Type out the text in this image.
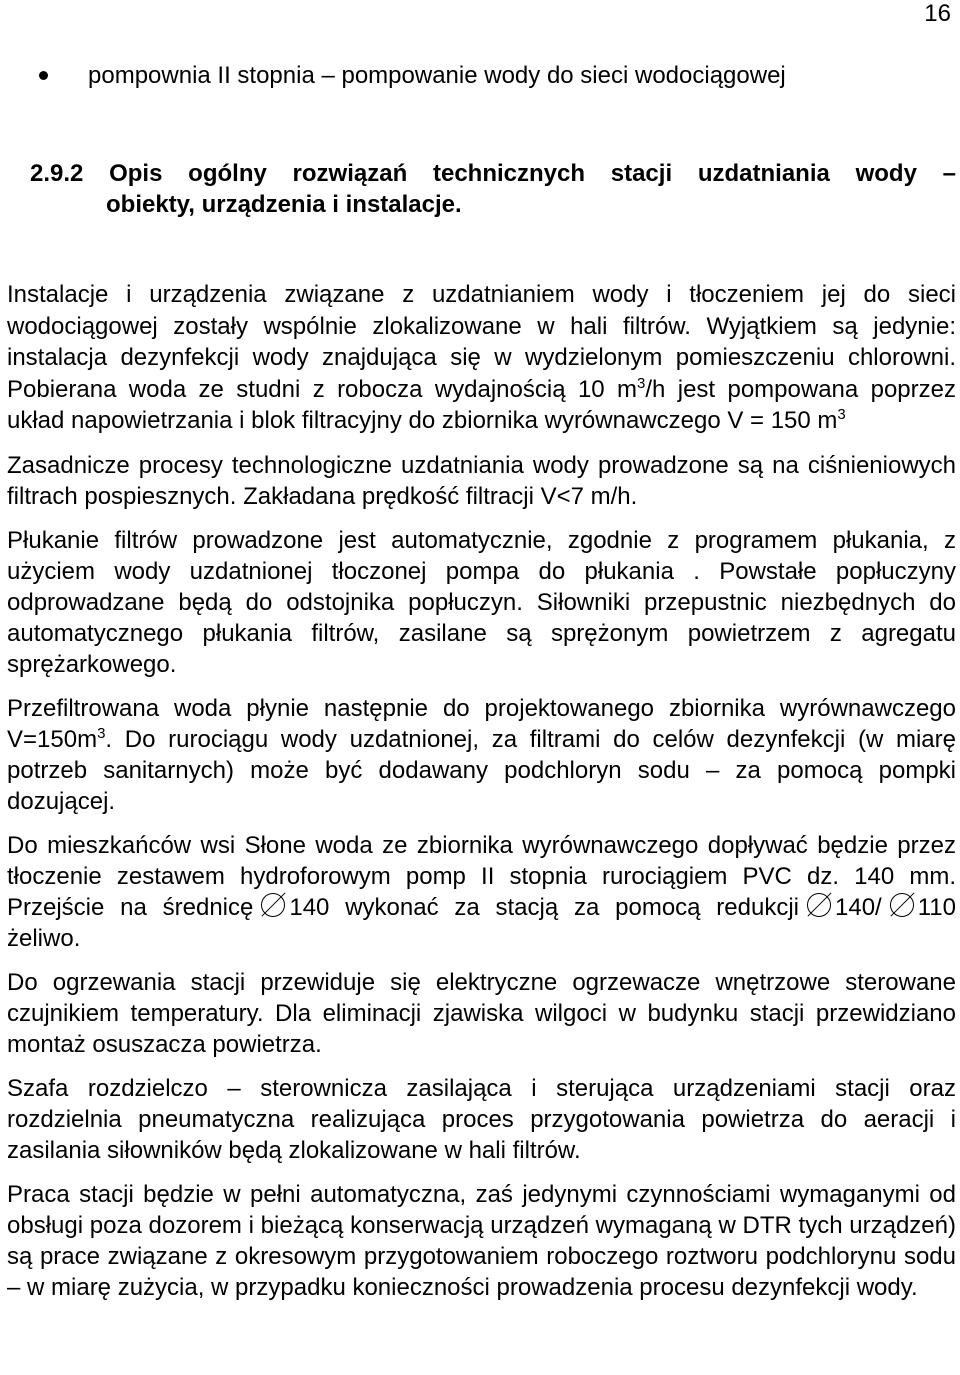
16
pompownia II stopnia – pompowanie wody do sieci wodociągowej
2.9.2 Opis ogólny rozwiązań technicznych stacji uzdatniania wody –
obiekty, urządzenia i instalacje.

Instalacje i urządzenia związane z uzdatnianiem wody i tłoczeniem jej do sieci wodociągowej zostały wspólnie zlokalizowane w hali filtrów. Wyjątkiem są jedynie: instalacja dezynfekcji wody znajdująca się w wydzielonym pomieszczeniu chlorowni. Pobierana woda ze studni z robocza wydajnością 10 $m^3/h$ jest pompowana poprzez układ napowietrzania i blok filtracyjny do zbiornika wyrównawczego V = 150 $m^3$

Zasadnicze procesy technologiczne uzdatniania wody prowadzone są na ciśnieniowych filtrach pospiesznych. Zakładana prędkość filtracji V<7 m/h.

Płukanie filtrów prowadzone jest automatycznie, zgodnie z programem płukania, z użyciem wody uzdatnionej tłoczonej pompa do płukania . Powstałe popłuczyny odprowadzane będą do odstojnika popłuczyn. Siłowniki przepustnic niezbędnych do automatycznego płukania filtrów, zasilane są sprężonym powietrzem z agregatu sprężarkowego.

Przefiltrowana woda płynie następnie do projektowanego zbiornika wyrównawczego $V=150m^3$. Do rurociągu wody uzdatnionej, za filtrami do celów dezynfekcji (w miarę potrzeb sanitarnych) może być dodawany podchloryn sodu – za pomocą pompki dozującej.

Do mieszkańców wsi Słone woda ze zbiornika wyrównawczego dopływać będzie przez tłoczenie zestawem hydroforowym pomp II stopnia rurociągiem PVC dz. 140 mm. Przejście na średnicę 140 wykonać za stacją za pomocą redukcji 140/ 110 żeliwo.

Do ogrzewania stacji przewiduje się elektryczne ogrzewacze wnętrzowe sterowane czujnikiem temperatury. Dla eliminacji zjawiska wilgoci w budynku stacji przewidziano montaż osuszacza powietrza.

Szafa rozdzielczo – sterownicza zasilająca i sterująca urządzeniami stacji oraz rozdzielnia pneumatyczna realizująca proces przygotowania powietrza do aeracji i zasilania siłowników będą zlokalizowane w hali filtrów.

Praca stacji będzie w pełni automatyczna, zaś jedynymi czynnościami wymaganymi od obsługi poza dozorem i bieżącą konserwacją urządzeń wymaganą w DTR tych urządzeń) są prace związane z okresowym przygotowaniem roboczego roztworu podchlorynu sodu – w miarę zużycia, w przypadku konieczności prowadzenia procesu dezynfekcji wody.
